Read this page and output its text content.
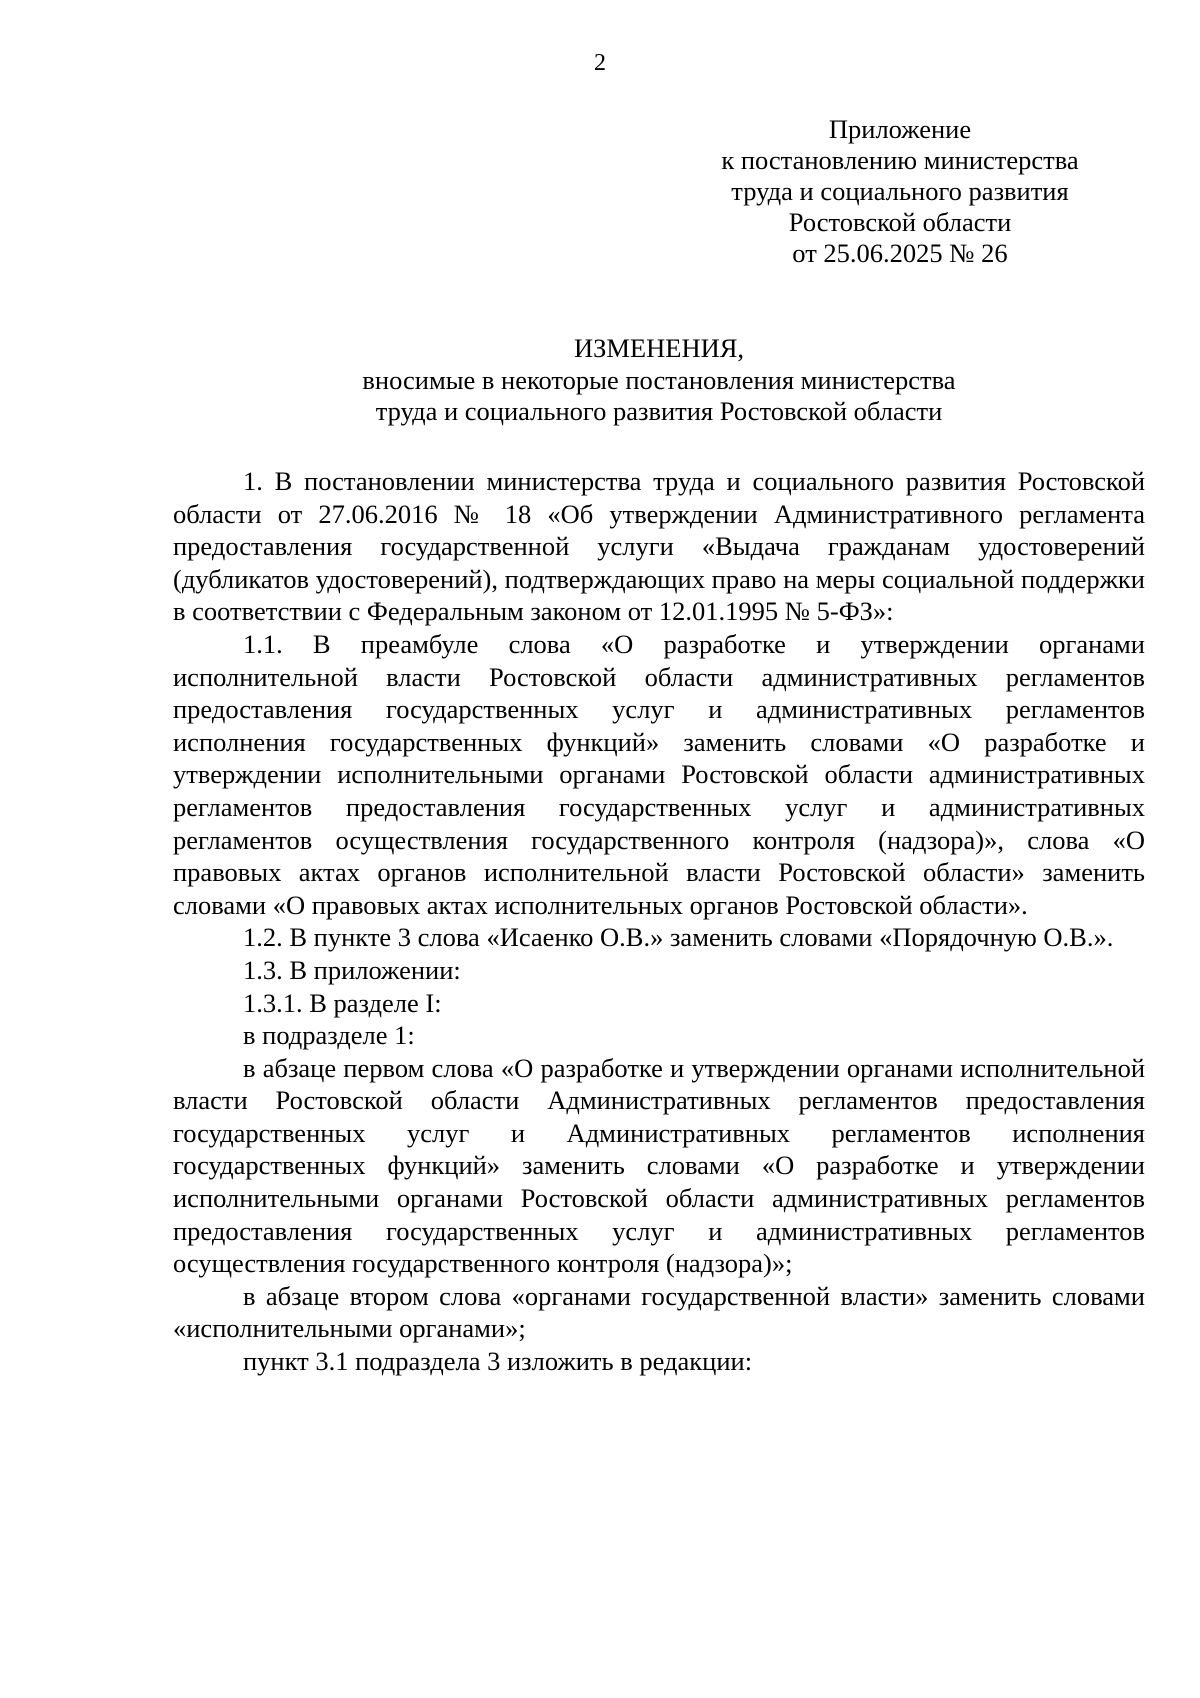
2
Приложение
к постановлению министерства
труда и социального развития
Ростовской области
от 25.06.2025 № 26
ИЗМЕНЕНИЯ,
вносимые в некоторые постановления министерства
труда и социального развития Ростовской области

1. В постановлении министерства труда и социального развития Ростовской области от 27.06.2016 № 18 «Об утверждении Административного регламента предоставления государственной услуги «Выдача гражданам удостоверений (дубликатов удостоверений), подтверждающих право на меры социальной поддержки в соответствии с Федеральным законом от 12.01.1995 № 5-ФЗ»:

1.1. В преамбуле слова «О разработке и утверждении органами исполнительной власти Ростовской области административных регламентов предоставления государственных услуг и административных регламентов исполнения государственных функций» заменить словами «О разработке и утверждении исполнительными органами Ростовской области административных регламентов предоставления государственных услуг и административных регламентов осуществления государственного контроля (надзора)», слова «О правовых актах органов исполнительной власти Ростовской области» заменить словами «О правовых актах исполнительных органов Ростовской области».

1.2. В пункте 3 слова «Исаенко О.В.» заменить словами «Порядочную О.В.».

1.3. В приложении:

1.3.1. В разделе I:

в подразделе 1:

в абзаце первом слова «О разработке и утверждении органами исполнительной власти Ростовской области Административных регламентов предоставления государственных услуг и Административных регламентов исполнения государственных функций» заменить словами «О разработке и утверждении исполнительными органами Ростовской области административных регламентов предоставления государственных услуг и административных регламентов осуществления государственного контроля (надзора)»;

в абзаце втором слова «органами государственной власти» заменить словами «исполнительными органами»;

пункт 3.1 подраздела 3 изложить в редакции:
